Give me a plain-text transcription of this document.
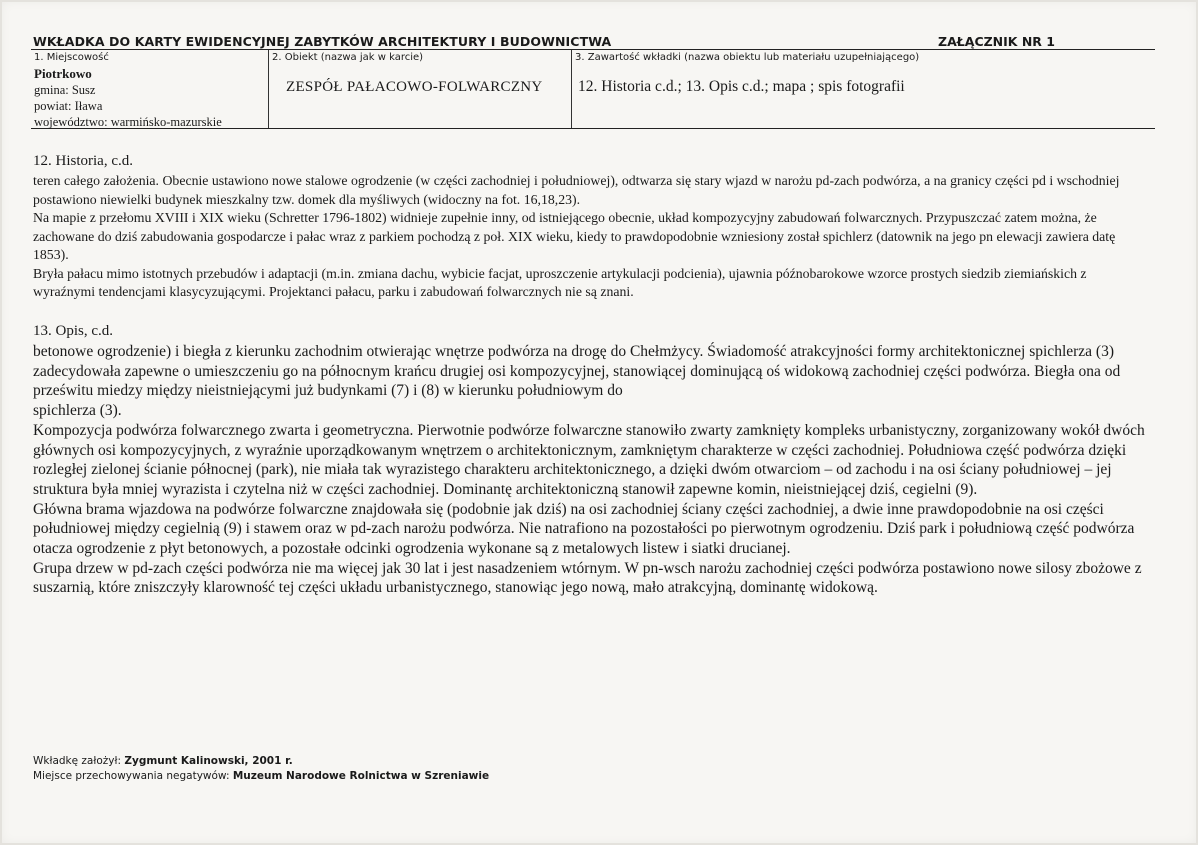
WKŁADKA DO KARTY EWIDENCYJNEJ ZABYTKÓW ARCHITEKTURY I BUDOWNICTWA	ZAŁĄCZNIK NR 1
1. Miejscowość
Piotrkowo
gmina: Susz
powiat: Iława
województwo: warmińsko-mazurskie
2. Obiekt (nazwa jak w karcie)
ZESPÓŁ PAŁACOWO-FOLWARCZNY
3. Zawartość wkładki (nazwa obiektu lub materiału uzupełniającego)
12. Historia c.d.; 13. Opis c.d.; mapa ; spis fotografii
12. Historia, c.d.

teren całego założenia. Obecnie ustawiono nowe stalowe ogrodzenie (w części zachodniej i południowej), odtwarza się stary wjazd w narożu pd-zach podwórza, a na granicy części pd i wschodniej postawiono niewielki budynek mieszkalny tzw. domek dla myśliwych (widoczny na fot. 16,18,23).

Na mapie z przełomu XVIII i XIX wieku (Schretter 1796-1802) widnieje zupełnie inny, od istniejącego obecnie, układ kompozycyjny zabudowań folwarcznych. Przypuszczać zatem można, że zachowane do dziś zabudowania gospodarcze i pałac wraz z parkiem pochodzą z poł. XIX wieku, kiedy to prawdopodobnie wzniesiony został spichlerz (datownik na jego pn elewacji zawiera datę 1853).

Bryła pałacu mimo istotnych przebudów i adaptacji (m.in. zmiana dachu, wybicie facjat, uproszczenie artykulacji podcienia), ujawnia późnobarokowe wzorce prostych siedzib ziemiańskich z wyraźnymi tendencjami klasycyzującymi. Projektanci pałacu, parku i zabudowań folwarcznych nie są znani.

13. Opis, c.d.

betonowe ogrodzenie) i biegła z kierunku zachodnim otwierając wnętrze podwórza na drogę do Chełmżycy. Świadomość atrakcyjności formy architektonicznej spichlerza (3) zadecydowała zapewne o umieszczeniu go na północnym krańcu drugiej osi kompozycyjnej, stanowiącej dominującą oś widokową zachodniej części podwórza. Biegła ona od prześwitu miedzy między nieistniejącymi już budynkami (7) i (8) w kierunku południowym do

spichlerza (3).

Kompozycja podwórza folwarcznego zwarta i geometryczna. Pierwotnie podwórze folwarczne stanowiło zwarty zamknięty kompleks urbanistyczny, zorganizowany wokół dwóch głównych osi kompozycyjnych, z wyraźnie uporządkowanym wnętrzem o architektonicznym, zamkniętym charakterze w części zachodniej. Południowa część podwórza dzięki rozległej zielonej ścianie północnej (park), nie miała tak wyrazistego charakteru architektonicznego, a dzięki dwóm otwarciom – od zachodu i na osi ściany południowej – jej struktura była mniej wyrazista i czytelna niż w części zachodniej. Dominantę architektoniczną stanowił zapewne komin, nieistniejącej dziś, cegielni (9).

Główna brama wjazdowa na podwórze folwarczne znajdowała się (podobnie jak dziś) na osi zachodniej ściany części zachodniej, a dwie inne prawdopodobnie na osi części południowej między cegielnią (9) i stawem oraz w pd-zach narożu podwórza. Nie natrafiono na pozostałości po pierwotnym ogrodzeniu. Dziś park i południową część podwórza otacza ogrodzenie z płyt betonowych, a pozostałe odcinki ogrodzenia wykonane są z metalowych listew i siatki drucianej.

Grupa drzew w pd-zach części podwórza nie ma więcej jak 30 lat i jest nasadzeniem wtórnym. W pn-wsch narożu zachodniej części podwórza postawiono nowe silosy zbożowe z suszarnią, które zniszczyły klarowność tej części układu urbanistycznego, stanowiąc jego nową, mało atrakcyjną, dominantę widokową.

Wkładkę założył: Zygmunt Kalinowski, 2001 r.
Miejsce przechowywania negatywów: Muzeum Narodowe Rolnictwa w Szreniawie
